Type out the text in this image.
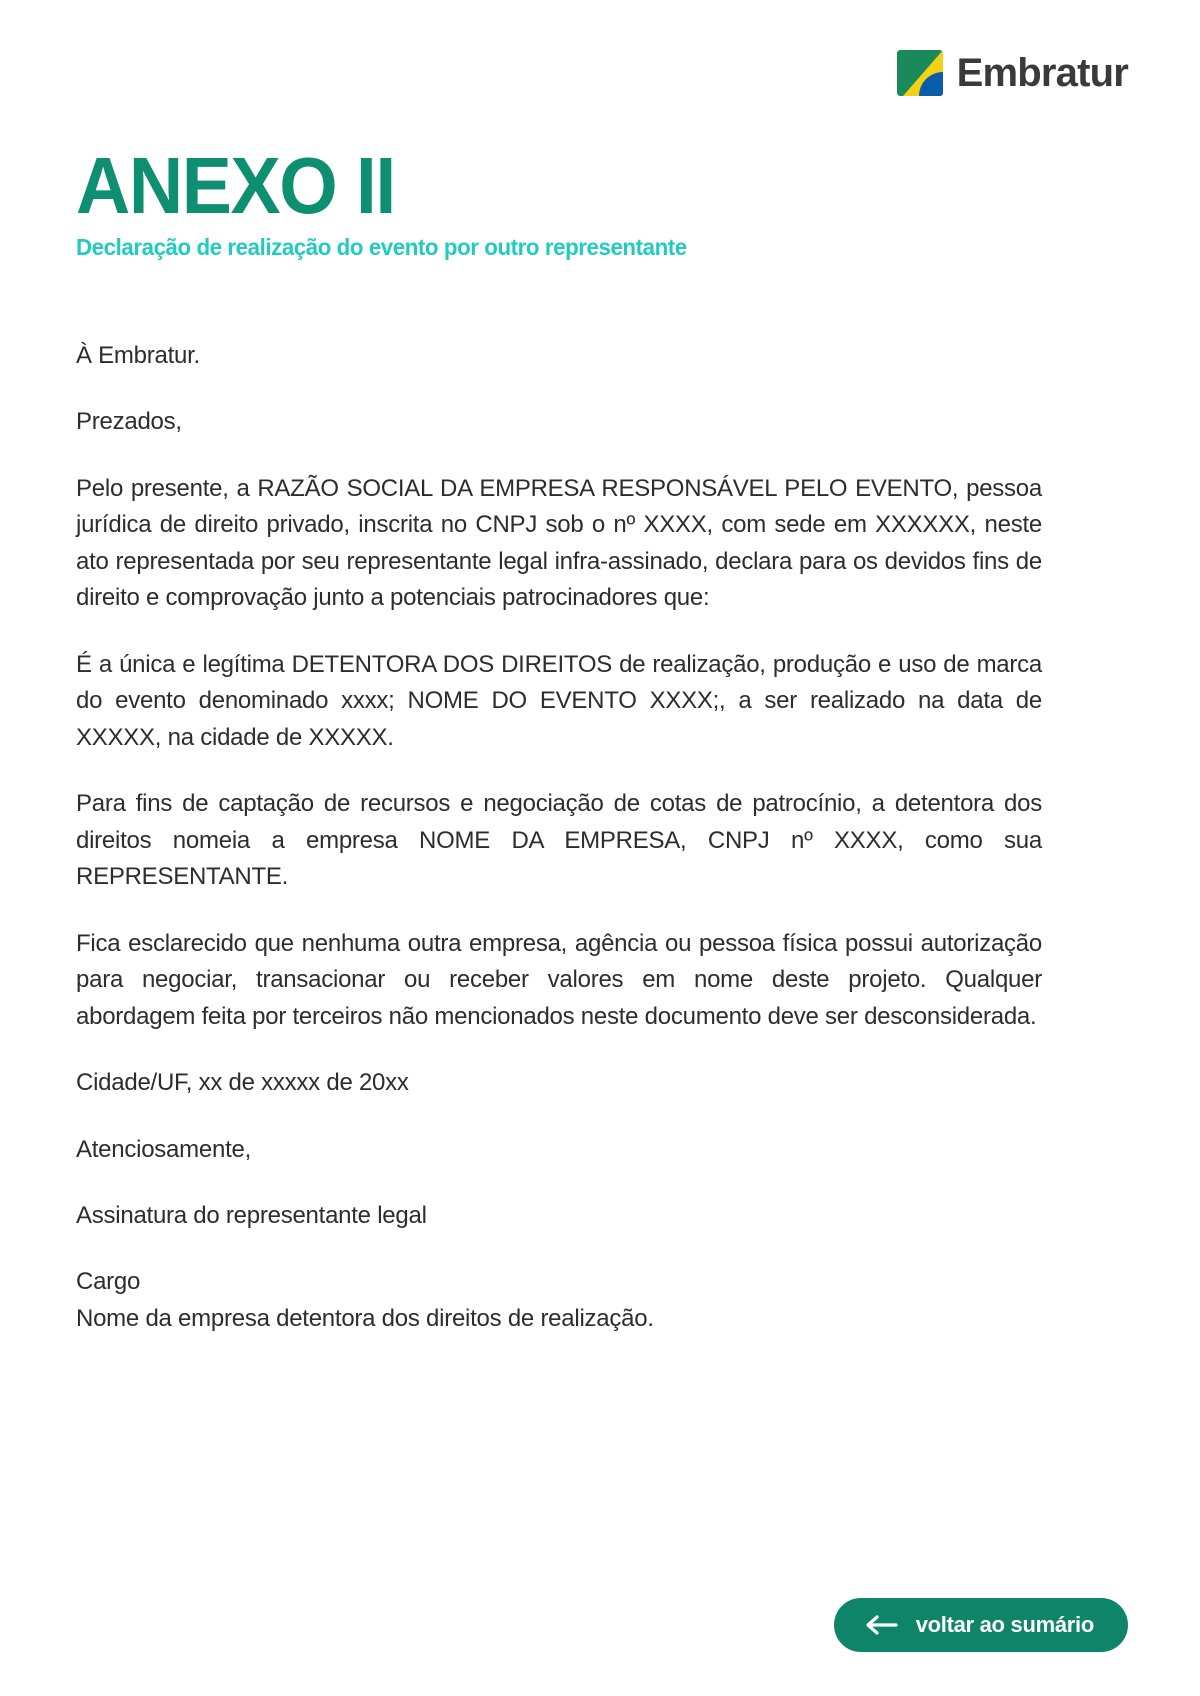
Embratur
ANEXO II

Declaração de realização do evento por outro representante

À Embratur.

Prezados,

Pelo presente, a RAZÃO SOCIAL DA EMPRESA RESPONSÁVEL PELO EVENTO, pessoa jurídica de direito privado, inscrita no CNPJ sob o nº XXXX, com sede em XXXXXX, neste ato representada por seu representante legal infra-assinado, declara para os devidos fins de direito e comprovação junto a potenciais patrocinadores que:

É a única e legítima DETENTORA DOS DIREITOS de realização, produção e uso de marca do evento denominado xxxx; NOME DO EVENTO XXXX;, a ser realizado na data de XXXXX, na cidade de XXXXX.

Para fins de captação de recursos e negociação de cotas de patrocínio, a detentora dos direitos nomeia a empresa NOME DA EMPRESA, CNPJ nº XXXX, como sua REPRESENTANTE.

Fica esclarecido que nenhuma outra empresa, agência ou pessoa física possui autorização para negociar, transacionar ou receber valores em nome deste projeto. Qualquer abordagem feita por terceiros não mencionados neste documento deve ser desconsiderada.

Cidade/UF, xx de xxxxx de 20xx

Atenciosamente,

Assinatura do representante legal

Cargo

Nome da empresa detentora dos direitos de realização.

voltar ao sumário
